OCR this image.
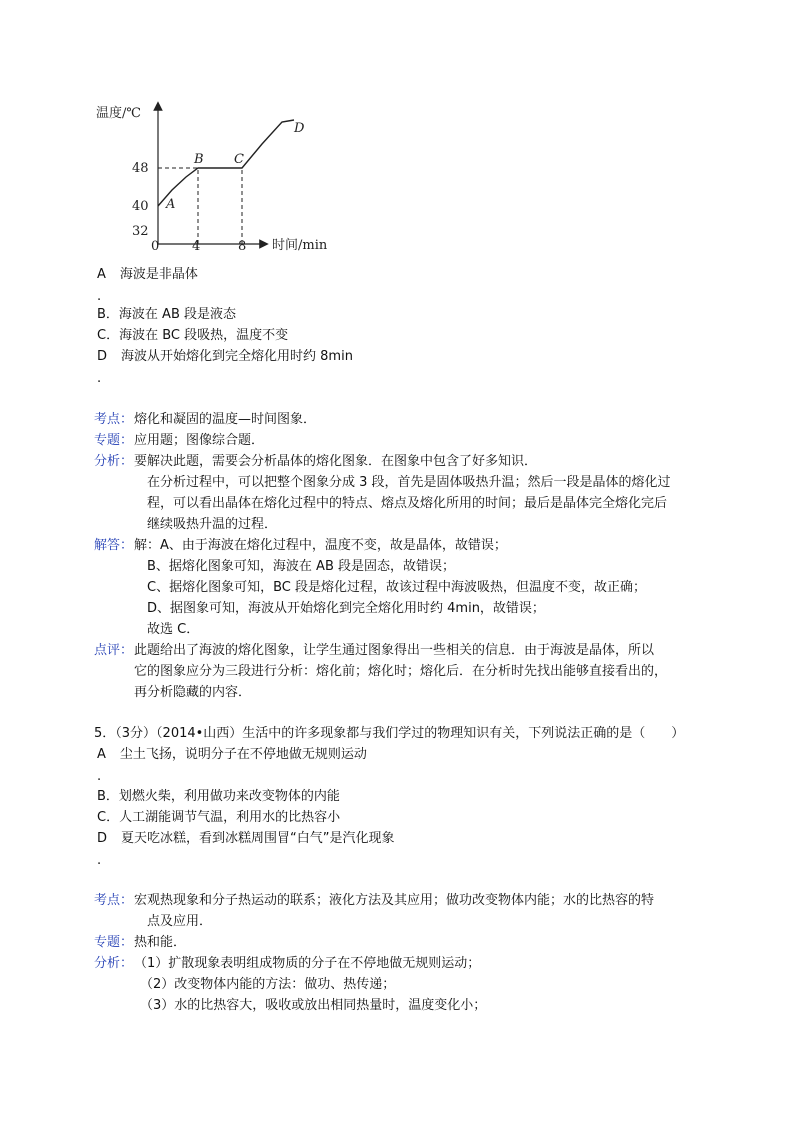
温度/℃
时间/min
48
40
32
0	4	8
A
B C
D
A 海波是非晶体
.
B．海波在 AB 段是液态
C．海波在 BC 段吸热，温度不变
D 海波从开始熔化到完全熔化用时约 8min
.
考点： 熔化和凝固的温度—时间图象．
专题： 应用题；图像综合题．
分析： 要解决此题，需要会分析晶体的熔化图象．在图象中包含了好多知识．
在分析过程中，可以把整个图象分成 3 段，首先是固体吸热升温；然后一段是晶体的熔化过
程，可以看出晶体在熔化过程中的特点、熔点及熔化所用的时间；最后是晶体完全熔化完后
继续吸热升温的过程．
解答： 解：A、由于海波在熔化过程中，温度不变，故是晶体，故错误；
B、据熔化图象可知，海波在 AB 段是固态，故错误；
C、据熔化图象可知，BC 段是熔化过程，故该过程中海波吸热，但温度不变，故正确；
D、据图象可知，海波从开始熔化到完全熔化用时约 4min，故错误；
故选 C．
点评： 此题给出了海波的熔化图象，让学生通过图象得出一些相关的信息．由于海波是晶体，所以
它的图象应分为三段进行分析：熔化前；熔化时；熔化后．在分析时先找出能够直接看出的，
再分析隐藏的内容．
5．（3分）（2014•山西）生活中的许多现象都与我们学过的物理知识有关，下列说法正确的是（　　）
A 尘土飞扬，说明分子在不停地做无规则运动
.
B．划燃火柴，利用做功来改变物体的内能
C．人工湖能调节气温，利用水的比热容小
D 夏天吃冰糕，看到冰糕周围冒“白气”是汽化现象
.
考点： 宏观热现象和分子热运动的联系；液化方法及其应用；做功改变物体内能；水的比热容的特
点及应用．
专题： 热和能．
分析： （1）扩散现象表明组成物质的分子在不停地做无规则运动；
（2）改变物体内能的方法：做功、热传递；
（3）水的比热容大，吸收或放出相同热量时，温度变化小；
